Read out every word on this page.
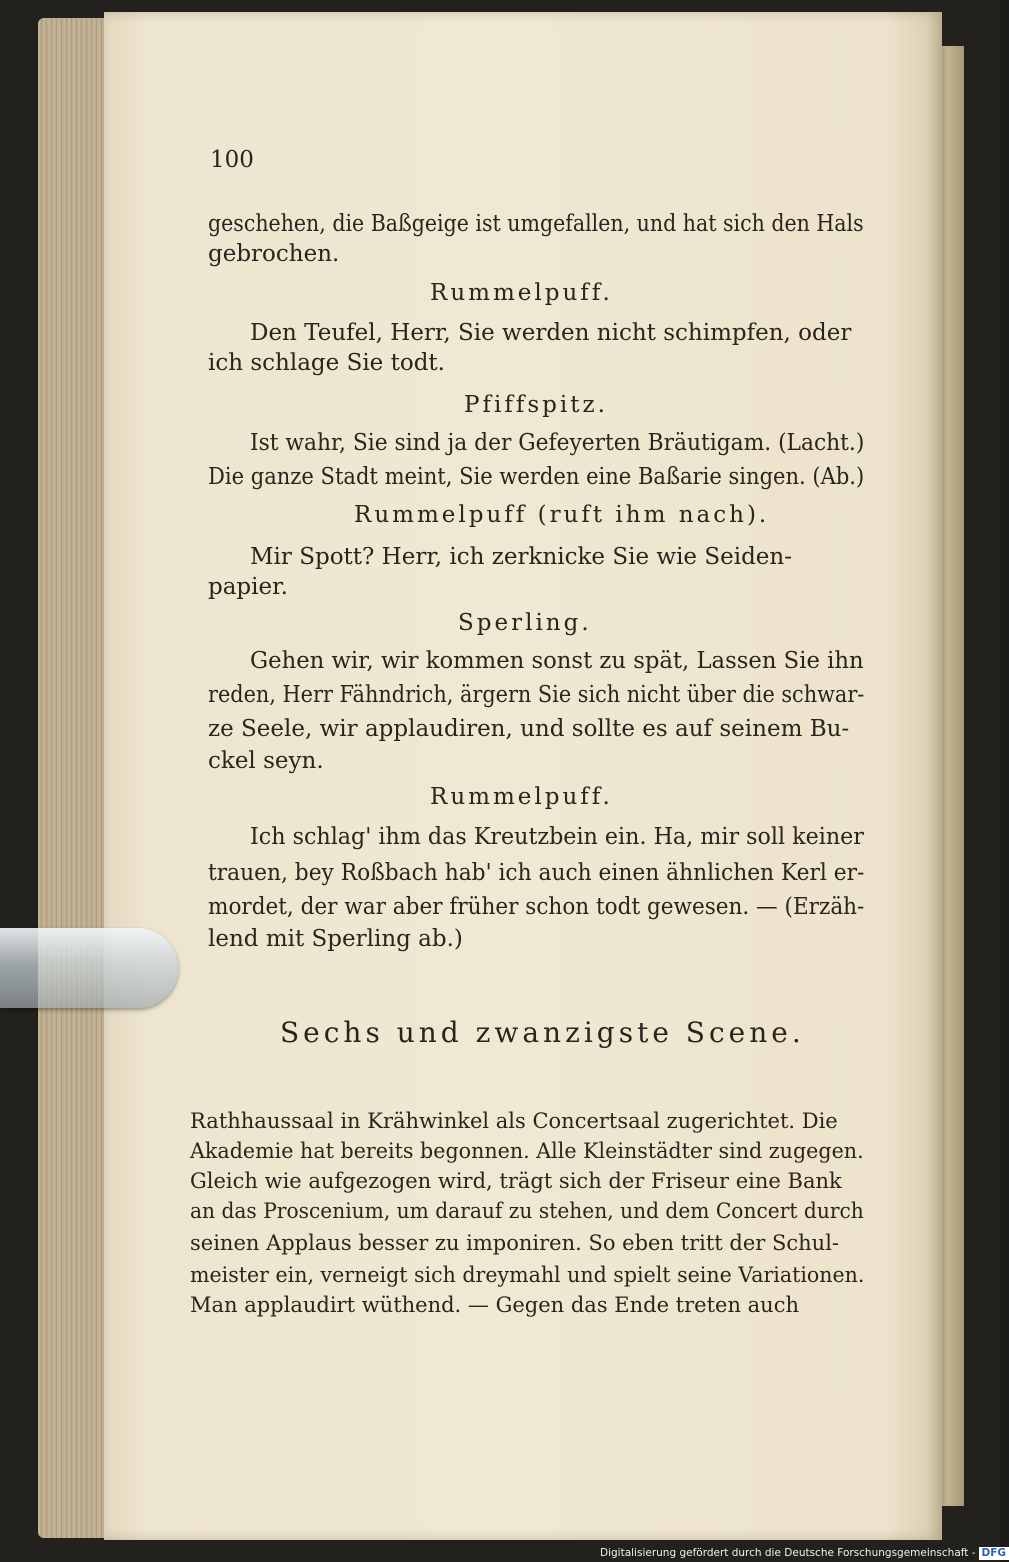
100

geschehen, die Baßgeige ist umgefallen, und hat sich den Hals

gebrochen.

Rummelpuff.

Den Teufel, Herr, Sie werden nicht schimpfen, oder

ich schlage Sie todt.

Pfiffspitz.

Ist wahr, Sie sind ja der Gefeyerten Bräutigam. (Lacht.)

Die ganze Stadt meint, Sie werden eine Baßarie singen. (Ab.)

Rummelpuff (ruft ihm nach).

Mir Spott? Herr, ich zerknicke Sie wie Seiden-

papier.

Sperling.

Gehen wir, wir kommen sonst zu spät, Lassen Sie ihn

reden, Herr Fähndrich, ärgern Sie sich nicht über die schwar-

ze Seele, wir applaudiren, und sollte es auf seinem Bu-

ckel seyn.

Rummelpuff.

Ich schlag' ihm das Kreutzbein ein. Ha, mir soll keiner

trauen, bey Roßbach hab' ich auch einen ähnlichen Kerl er-

mordet, der war aber früher schon todt gewesen. — (Erzäh-

lend mit Sperling ab.)

Sechs und zwanzigste Scene.

Rathhaussaal in Krähwinkel als Concertsaal zugerichtet. Die

Akademie hat bereits begonnen. Alle Kleinstädter sind zugegen.

Gleich wie aufgezogen wird, trägt sich der Friseur eine Bank

an das Proscenium, um darauf zu stehen, und dem Concert durch

seinen Applaus besser zu imponiren. So eben tritt der Schul-

meister ein, verneigt sich dreymahl und spielt seine Variationen.

Man applaudirt wüthend. — Gegen das Ende treten auch

Digitalisierung gefördert durch die Deutsche Forschungsgemeinschaft - DFG
